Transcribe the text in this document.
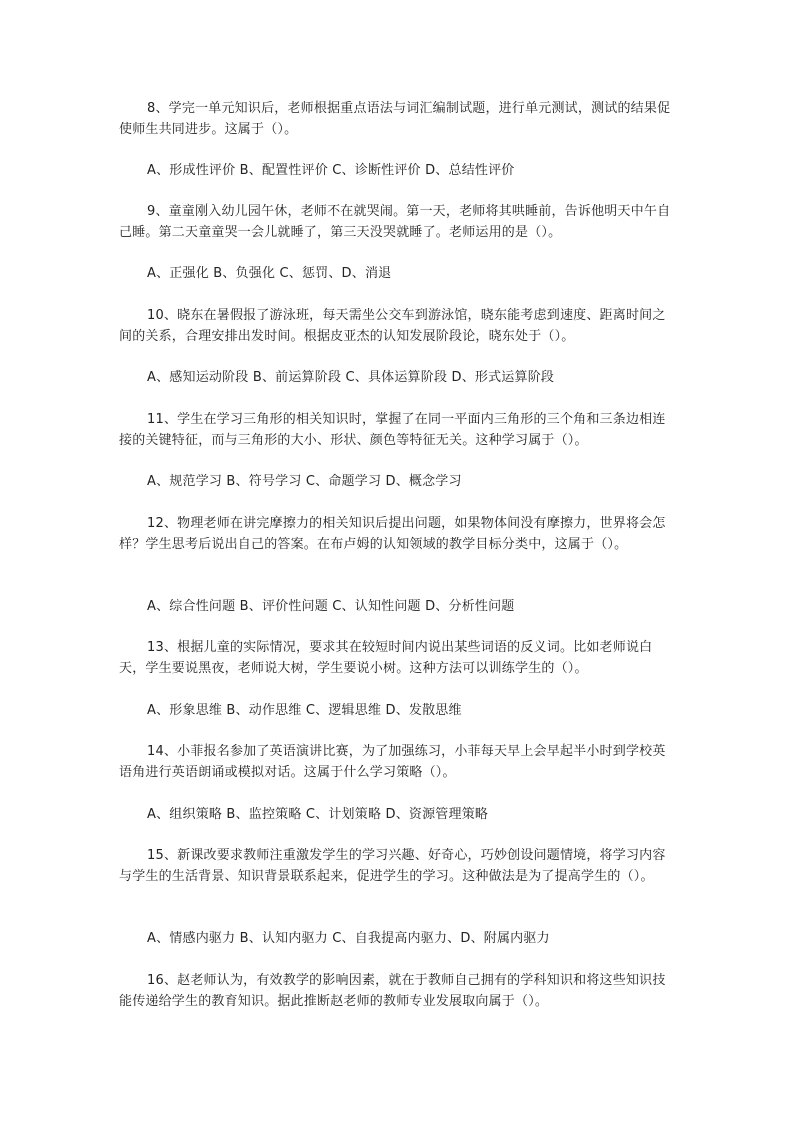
8、学完一单元知识后，老师根据重点语法与词汇编制试题，进行单元测试，测试的结果促使师生共同进步。这属于（）。

A、形成性评价 B、配置性评价 C、诊断性评价 D、总结性评价

9、童童刚入幼儿园午休，老师不在就哭闹。第一天，老师将其哄睡前，告诉他明天中午自己睡。第二天童童哭一会儿就睡了，第三天没哭就睡了。老师运用的是（）。

A、正强化 B、负强化 C、惩罚、D、消退

10、晓东在暑假报了游泳班，每天需坐公交车到游泳馆，晓东能考虑到速度、距离时间之间的关系，合理安排出发时间。根据皮亚杰的认知发展阶段论，晓东处于（）。

A、感知运动阶段 B、前运算阶段 C、具体运算阶段 D、形式运算阶段

11、学生在学习三角形的相关知识时，掌握了在同一平面内三角形的三个角和三条边相连接的关键特征，而与三角形的大小、形状、颜色等特征无关。这种学习属于（）。

A、规范学习 B、符号学习 C、命题学习 D、概念学习

12、物理老师在讲完摩擦力的相关知识后提出问题，如果物体间没有摩擦力，世界将会怎样？学生思考后说出自己的答案。在布卢姆的认知领域的教学目标分类中，这属于（）。

A、综合性问题 B、评价性问题 C、认知性问题 D、分析性问题

13、根据儿童的实际情况，要求其在较短时间内说出某些词语的反义词。比如老师说白天，学生要说黑夜，老师说大树，学生要说小树。这种方法可以训练学生的（）。

A、形象思维 B、动作思维 C、逻辑思维 D、发散思维

14、小菲报名参加了英语演讲比赛，为了加强练习，小菲每天早上会早起半小时到学校英语角进行英语朗诵或模拟对话。这属于什么学习策略（）。

A、组织策略 B、监控策略 C、计划策略 D、资源管理策略

15、新课改要求教师注重激发学生的学习兴趣、好奇心，巧妙创设问题情境，将学习内容与学生的生活背景、知识背景联系起来，促进学生的学习。这种做法是为了提高学生的（）。

A、情感内驱力 B、认知内驱力 C、自我提高内驱力、D、附属内驱力

16、赵老师认为，有效教学的影响因素，就在于教师自己拥有的学科知识和将这些知识技能传递给学生的教育知识。据此推断赵老师的教师专业发展取向属于（）。
